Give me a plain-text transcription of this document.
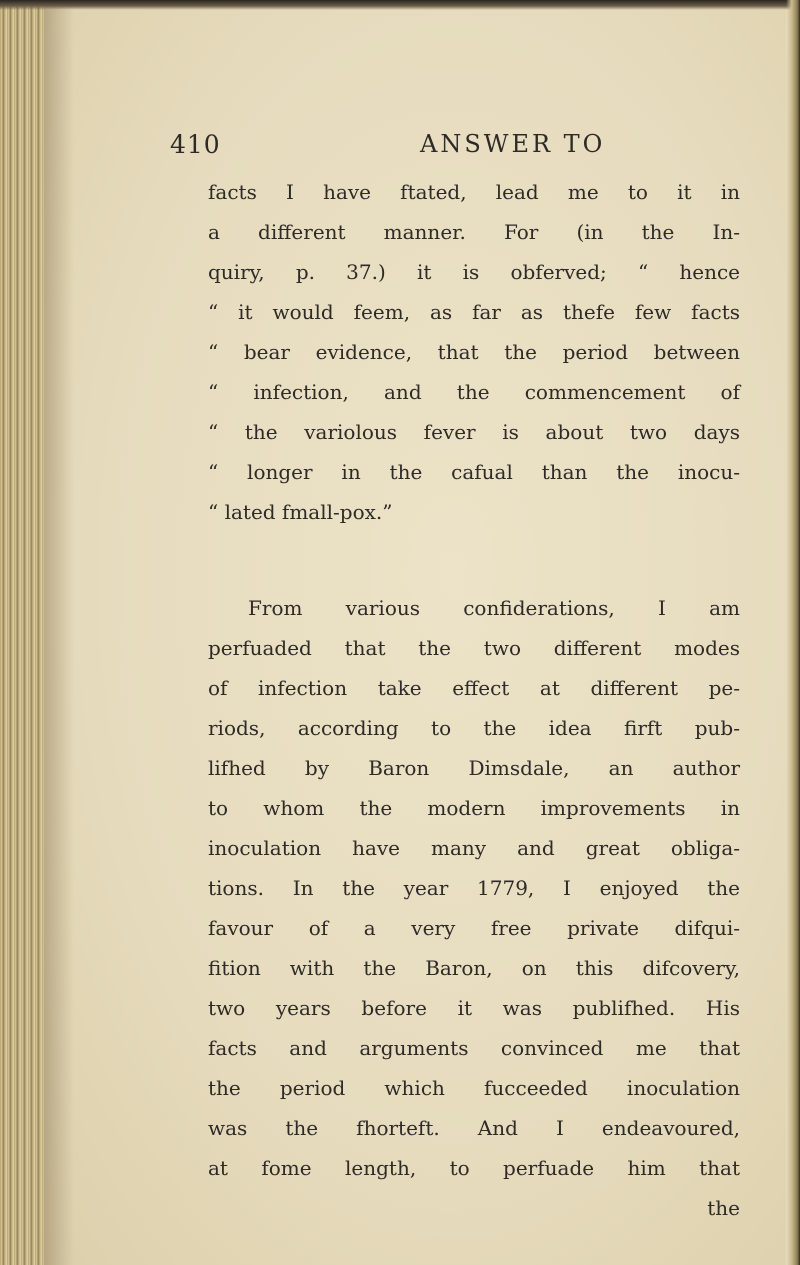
410	ANSWER TO
facts I have ftated, lead me to it in
a different manner. For (in the In-
quiry, p. 37.) it is obferved; “ hence
“ it would feem, as far as thefe few facts
“ bear evidence, that the period between
“ infection, and the commencement of
“ the variolous fever is about two days
“ longer in the cafual than the inocu-
“ lated fmall-pox.”
From various confiderations, I am
perfuaded that the two different modes
of infection take effect at different pe-
riods, according to the idea firft pub-
lifhed by Baron Dimsdale, an author
to whom the modern improvements in
inoculation have many and great obliga-
tions. In the year 1779, I enjoyed the
favour of a very free private difqui-
fition with the Baron, on this difcovery,
two years before it was publifhed. His
facts and arguments convinced me that
the period which fucceeded inoculation
was the fhorteft. And I endeavoured,
at fome length, to perfuade him that
the
